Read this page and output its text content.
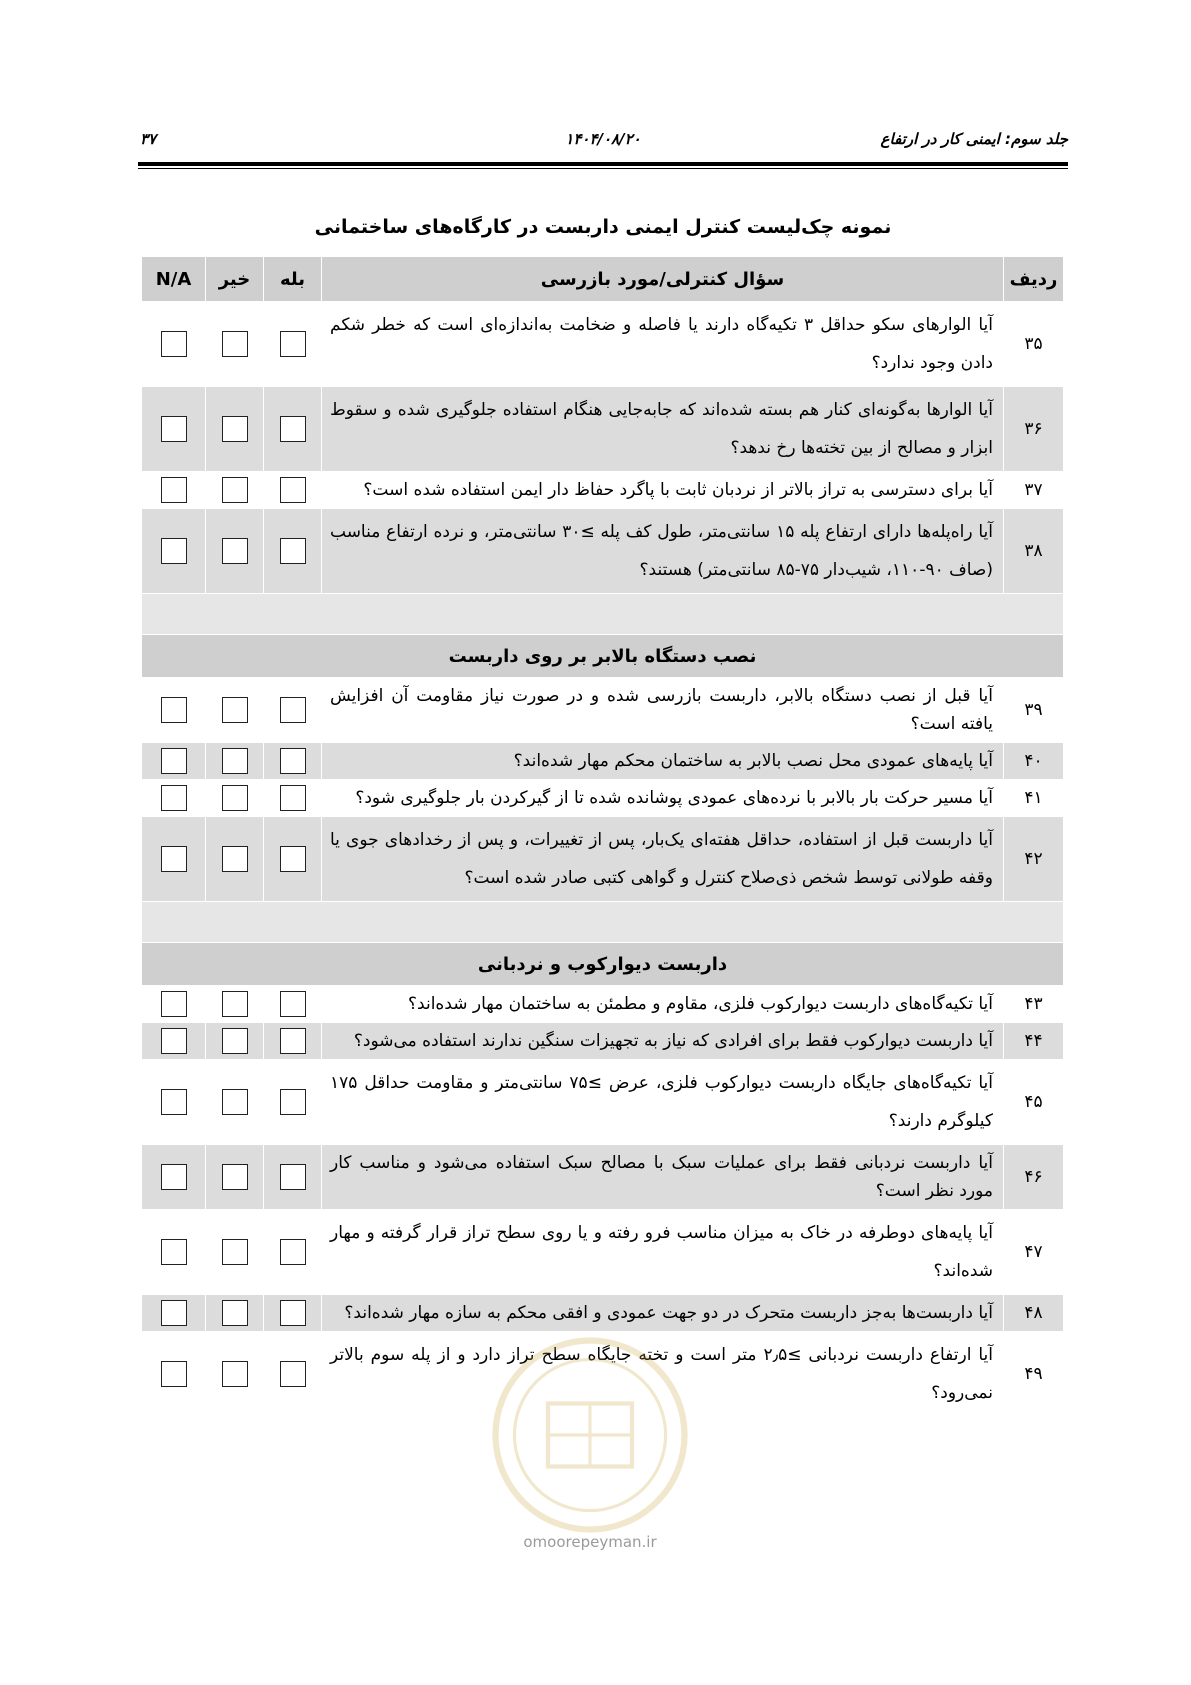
جلد سوم: ایمنی کار در ارتفاع
۱۴۰۴/۰۸/۲۰
۳۷
نمونه چک‌لیست کنترل ایمنی داربست در کارگاه‌های ساختمانی
ردیف	سؤال کنترلی/مورد بازرسی	بله	خیر	N/A
۳۵	آیا الوارهای سکو حداقل ۳ تکیه‌گاه دارند یا فاصله و ضخامت به‌اندازه‌ای است که خطر شکم دادن وجود ندارد؟			
۳۶	آیا الوارها به‌گونه‌ای کنار هم بسته شده‌اند که جابه‌جایی هنگام استفاده جلوگیری شده و سقوط ابزار و مصالح از بین تخته‌ها رخ ندهد؟			
۳۷	آیا برای دسترسی به تراز بالاتر از نردبان ثابت با پاگرد حفاظ دار ایمن استفاده شده است؟			
۳۸	آیا راه‌پله‌ها دارای ارتفاع پله ۱۵ سانتی‌متر، طول کف پله ≥۳۰ سانتی‌متر، و نرده ارتفاع مناسب (صاف ۹۰-۱۱۰، شیب‌دار ۷۵-۸۵ سانتی‌متر) هستند؟			

نصب دستگاه بالابر بر روی داربست				
۳۹	آیا قبل از نصب دستگاه بالابر، داربست بازرسی شده و در صورت نیاز مقاومت آن افزایش یافته است؟			
۴۰	آیا پایه‌های عمودی محل نصب بالابر به ساختمان محکم مهار شده‌اند؟			
۴۱	آیا مسیر حرکت بار بالابر با نرده‌های عمودی پوشانده شده تا از گیرکردن بار جلوگیری شود؟			
۴۲	آیا داربست قبل از استفاده، حداقل هفته‌ای یک‌بار، پس از تغییرات، و پس از رخدادهای جوی یا وقفه طولانی توسط شخص ذی‌صلاح کنترل و گواهی کتبی صادر شده است؟			

داربست دیوارکوب و نردبانی				
۴۳	آیا تکیه‌گاه‌های داربست دیوارکوب فلزی، مقاوم و مطمئن به ساختمان مهار شده‌اند؟			
۴۴	آیا داربست دیوارکوب فقط برای افرادی که نیاز به تجهیزات سنگین ندارند استفاده می‌شود؟			
۴۵	آیا تکیه‌گاه‌های جایگاه داربست دیوارکوب فلزی، عرض ≥۷۵ سانتی‌متر و مقاومت حداقل ۱۷۵ کیلوگرم دارند؟			
۴۶	آیا داربست نردبانی فقط برای عملیات سبک با مصالح سبک استفاده می‌شود و مناسب کار مورد نظر است؟			
۴۷	آیا پایه‌های دوطرفه در خاک به میزان مناسب فرو رفته و یا روی سطح تراز قرار گرفته و مهار شده‌اند؟			
۴۸	آیا داربست‌ها به‌جز داربست متحرک در دو جهت عمودی و افقی محکم به سازه مهار شده‌اند؟			
۴۹	آیا ارتفاع داربست نردبانی ≥۲٫۵ متر است و تخته جایگاه سطح تراز دارد و از پله سوم بالاتر نمی‌رود؟			
omoorepeyman.ir
